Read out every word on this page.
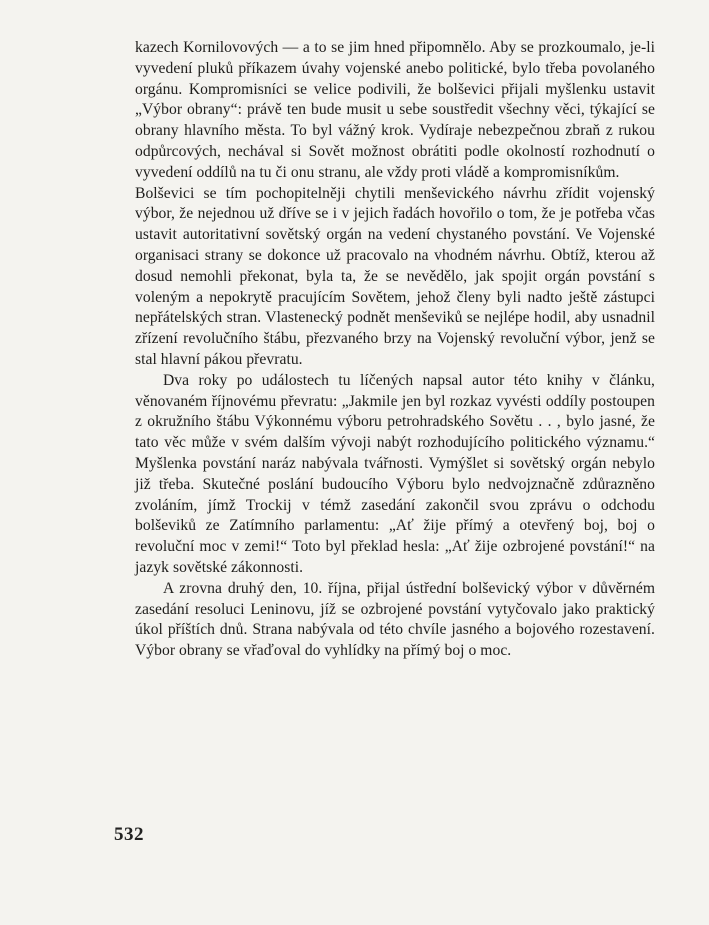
kazech Kornilovových — a to se jim hned připomnělo. Aby se prozkoumalo, je-li vyvedení pluků příkazem úvahy vojenské anebo politické, bylo třeba povolaného orgánu. Kompromisníci se velice podivili, že bolševici přijali myšlenku ustavit „Výbor obrany“: právě ten bude musit u sebe soustředit všechny věci, týkající se obrany hlavního města. To byl vážný krok. Vydíraje nebezpečnou zbraň z rukou odpůrcových, nechával si Sovět možnost obrátiti podle okolností rozhodnutí o vyvedení oddílů na tu či onu stranu, ale vždy proti vládě a kompromisníkům.

Bolševici se tím pochopitelněji chytili menševického návrhu zřídit vojenský výbor, že nejednou už dříve se i v jejich řadách hovořilo o tom, že je potřeba včas ustavit autoritativní sovětský orgán na vedení chystaného povstání. Ve Vojenské organisaci strany se dokonce už pracovalo na vhodném návrhu. Obtíž, kterou až dosud nemohli překonat, byla ta, že se nevědělo, jak spojit orgán povstání s voleným a nepokrytě pracujícím Sovětem, jehož členy byli nadto ještě zástupci nepřátelských stran. Vlastenecký podnět menševiků se nejlépe hodil, aby usnadnil zřízení revolučního štábu, přezvaného brzy na Vojenský revoluční výbor, jenž se stal hlavní pákou převratu.

Dva roky po událostech tu líčených napsal autor této knihy v článku, věnovaném říjnovému převratu: „Jakmile jen byl rozkaz vyvésti oddíly postoupen z okružního štábu Výkonnému výboru petrohradského Sovětu . . , bylo jasné, že tato věc může v svém dalším vývoji nabýt rozhodujícího politického významu.“ Myšlenka povstání naráz nabývala tvářnosti. Vymýšlet si sovětský orgán nebylo již třeba. Skutečné poslání budoucího Výboru bylo nedvojznačně zdůrazněno zvoláním, jímž Trockij v témž zasedání zakončil svou zprávu o odchodu bolševiků ze Zatímního parlamentu: „Ať žije přímý a otevřený boj, boj o revoluční moc v zemi!“ Toto byl překlad hesla: „Ať žije ozbrojené povstání!“ na jazyk sovětské zákonnosti.

A zrovna druhý den, 10. října, přijal ústřední bolševický výbor v důvěrném zasedání resoluci Leninovu, jíž se ozbrojené povstání vytyčovalo jako praktický úkol příštích dnů. Strana nabývala od této chvíle jasného a bojového rozestavení. Výbor obrany se vřaďoval do vyhlídky na přímý boj o moc.

532
